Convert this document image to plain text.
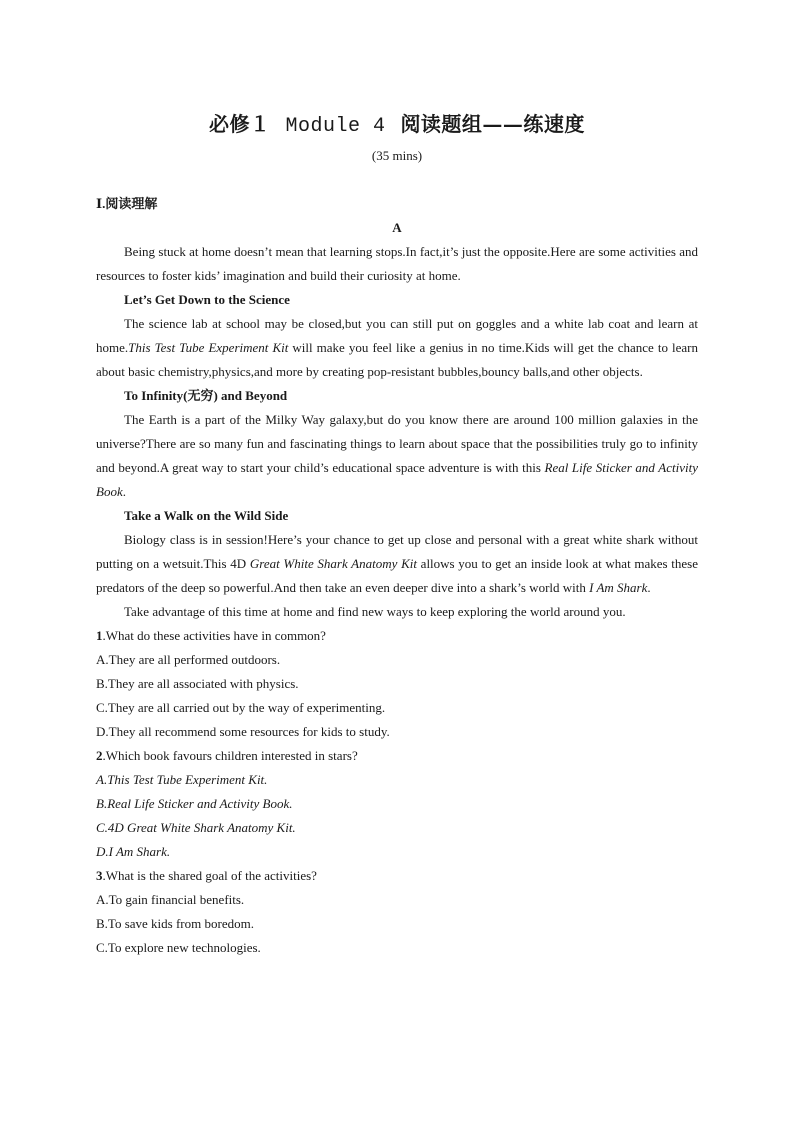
必修１ Module 4 阅读题组——练速度
(35 mins)

Ⅰ.阅读理解

A

Being stuck at home doesn’t mean that learning stops.In fact,it’s just the opposite.Here are some activities and resources to foster kids’ imagination and build their curiosity at home.

Let’s Get Down to the Science

The science lab at school may be closed,but you can still put on goggles and a white lab coat and learn at home.This Test Tube Experiment Kit will make you feel like a genius in no time.Kids will get the chance to learn about basic chemistry,physics,and more by creating pop-resistant bubbles,bouncy balls,and other objects.

To Infinity(无穷) and Beyond

The Earth is a part of the Milky Way galaxy,but do you know there are around 100 million galaxies in the universe?There are so many fun and fascinating things to learn about space that the possibilities truly go to infinity and beyond.A great way to start your child’s educational space adventure is with this Real Life Sticker and Activity Book.

Take a Walk on the Wild Side

Biology class is in session!Here’s your chance to get up close and personal with a great white shark without putting on a wetsuit.This 4D Great White Shark Anatomy Kit allows you to get an inside look at what makes these predators of the deep so powerful.And then take an even deeper dive into a shark’s world with I Am Shark.

Take advantage of this time at home and find new ways to keep exploring the world around you.

1.What do these activities have in common?

A.They are all performed outdoors.

B.They are all associated with physics.

C.They are all carried out by the way of experimenting.

D.They all recommend some resources for kids to study.

2.Which book favours children interested in stars?

A.This Test Tube Experiment Kit.

B.Real Life Sticker and Activity Book.

C.4D Great White Shark Anatomy Kit.

D.I Am Shark.

3.What is the shared goal of the activities?

A.To gain financial benefits.

B.To save kids from boredom.

C.To explore new technologies.
